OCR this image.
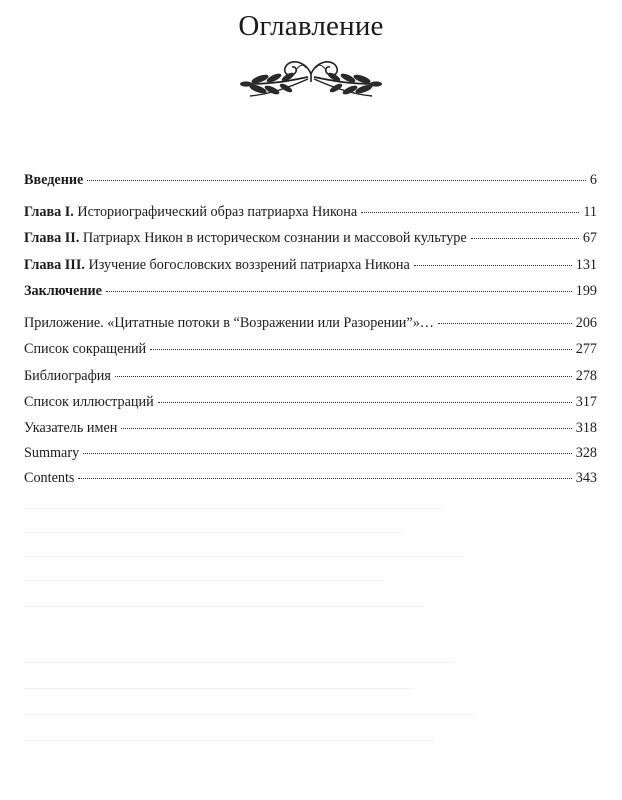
Оглавление
Введение	6
Глава I. Историографический образ патриарха Никона	11
Глава II. Патриарх Никон в историческом сознании и массовой культуре	67
Глава III. Изучение богословских воззрений патриарха Никона	131
Заключение	199
Приложение. «Цитатные потоки в “Возражении или Разорении”»…	206
Список сокращений	277
Библиография	278
Список иллюстраций	317
Указатель имен	318
Summary	328
Contents	343
